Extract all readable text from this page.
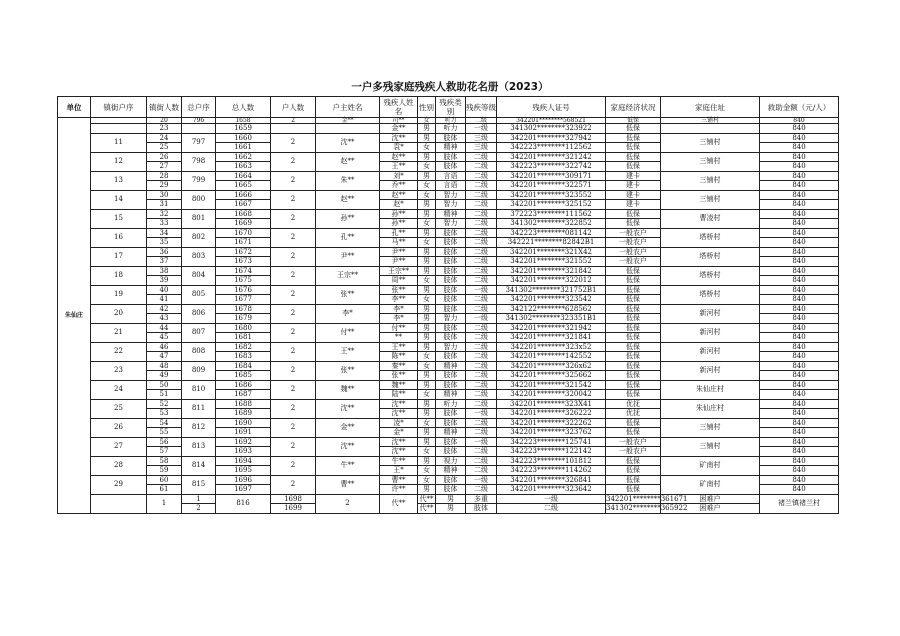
一户多残家庭残疾人救助花名册（2023）
单位	镇街户序	镇街人数	总户序	总人数	户人数	户主姓名	残疾人姓名	性别	残疾类别	残疾等级	残疾人证号	家庭经济状况	家庭住址	救助金额（元/人）	
朱仙庄		20	796	1658	2	金**	司**	女	听力	二级	342201********568521	低保	三铺村	840	
		23		1659			金**	男	听力	一级	341302********323922	低保		840	
	11	24	797	1660	2	沈**	沈**	男	肢体	三级	342201********327942	低保	三铺村	840	
		25		1661			袁*	女	精神	三级	342223********112562	低保		840	
	12	26	798	1662	2	赵**	赵**	男	肢体	二级	342201********321242	低保	三铺村	840	
		27		1663			王**	女	肢体	二级	342223********322742	低保		840	
	13	28	799	1664	2	朱**	刘*	男	言语	二级	342201********309171	建卡	三铺村	840	
		29		1665			乔**	女	言语	二级	342201********322571	建卡		840	
	14	30	800	1666	2	赵**	赵**	女	智力	二级	342201********323552	建卡	三铺村	840	
		31		1667			赵*	男	智力	二级	342201********325152	建卡		840	
	15	32	801	1668	2	孙**	孙**	男	精神	二级	372223********111562	低保	曹凌村	840	
		33		1669			孙**	女	智力	二级	341302********322852	低保		840	
	16	34	802	1670	2	孔**	孔**	男	肢体	二级	342223********081142	一般农户	塔桥村	840	
		35		1671			马**	女	肢体	二级	342221********82842B1	一般农户		840	
	17	36	803	1672	2	尹**	尹**	男	肢体	二级	342201********321X42	一般农户	塔桥村	840	
		37		1673			尹**	男	肢体	二级	342201********321552	一般农户		840	
	18	38	804	1674	2	王宗**	王宗**	男	肢体	二级	342201********321842	低保	塔桥村	840	
		39		1675			周**	女	肢体	二级	342201********322012	低保		840	
	19	40	805	1676	2	张**	张**	男	肢体	一级	341302********321752B1	低保	塔桥村	840	
		41		1677			李**	女	肢体	二级	342201********323542	低保		840	
	20	42	806	1678	2	李*	李*	男	肢体	二级	342122********628562	低保	新河村	840	
		43		1679			李*	男	智力	一级	341302********323351B1	低保		840	
	21	44	807	1680	2	付**	付**	男	肢体	二级	342201********321942	低保	新河村	840	
		45		1681			**	男	肢体	二级	342201********321841	低保		840	
	22	46	808	1682	2	王**	王**	男	智力	二级	342201********323x52	低保	新河村	840	
		47		1683			陈**	女	肢体	二级	342201********142552	低保		840	
	23	48	809	1684	2	张**	秦**	女	精神	二级	342201********326x62	低保	新河村	840	
		49		1685			张**	男	肢体	二级	342201********325662	低保		840	
	24	50	810	1686	2	魏**	魏**	男	肢体	二级	342201********321542	低保	朱仙庄村	840	
		51		1687			陆**	女	精神	二级	342201********320042	低保		840	
	25	52	811	1688	2	沈**	沈**	男	听力	二级	342201********323X41	优抚	朱仙庄村	840	
		53		1689			沈**	男	肢体	一级	342201********326222	优抚		840	
	26	54	812	1690	2	金**	凌*	女	肢体	二级	342201********322262	低保	三铺村	840	
		55		1691			金*	男	精神	二级	342201********323762	低保		840	
	27	56	813	1692	2	沈**	沈**	男	肢体	一级	342223********125741	一般农户	三铺村	840	
		57		1693			沈**	女	肢体	二级	342223********122142	一般农户		840	
	28	58	814	1694	2	牛**	牛**	男	视力	二级	342223********101812	低保	矿南村	840	
		59		1695			王*	女	精神	二级	342223********114262	低保		840	
	29	60	815	1696	2	曹**	曹**	女	肢体	一级	342201********326841	低保	矿南村	840	
		61		1697			许**	男	肢体	二级	342201********323642	低保		840	
		1	1	816	1698	2	代**	代**	男	多重	一级	342201********361671	困难户	褚兰镇褚兰村	
			2		1699			代**	男	肢体	二级	341302********365922	困难户	
